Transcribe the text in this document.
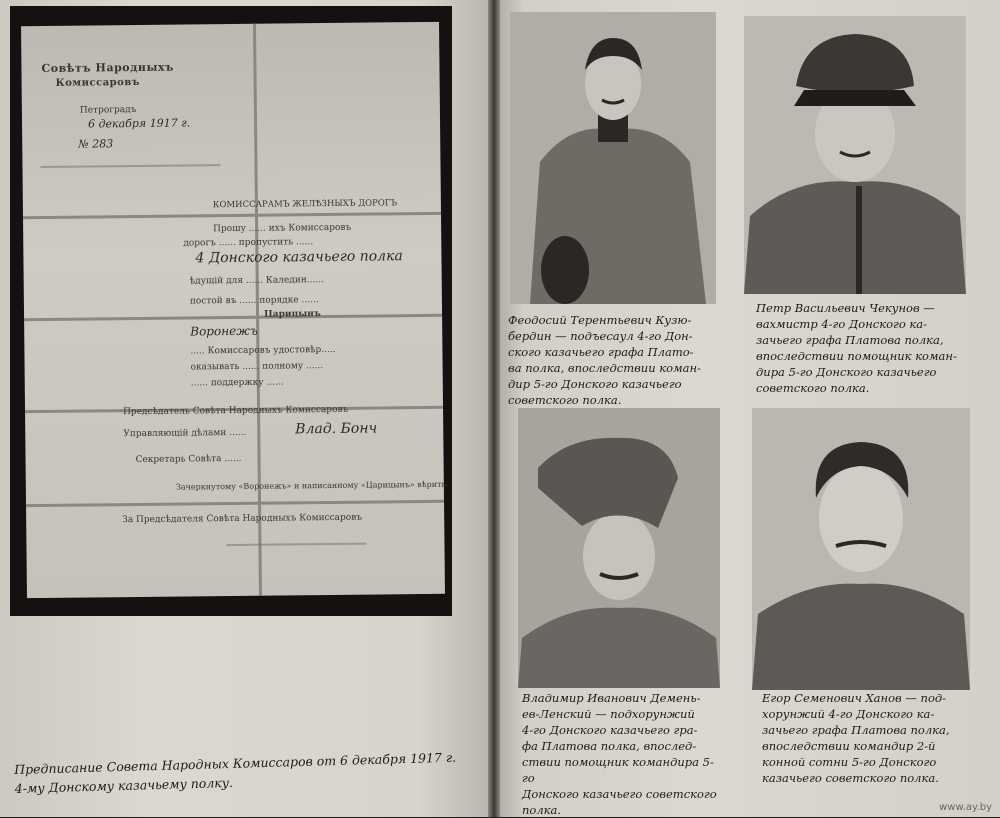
Совѣтъ Народныхъ
Комиссаровъ
Петроградъ
6 декабря 1917 г.
№ 283
КОМИССАРАМЪ ЖЕЛѢЗНЫХЪ ДОРОГЪ
Прошу ...... ихъ Комиссаровъ
дорогъ ...... пропустить ......
4 Донского казачьего полка
ѣдущій для ...... Каледин......
постой въ ...... порядке ......
Царицынъ
Воронежъ
..... Комиссаровъ удостовѣр.....
оказывать ...... полному ......
...... поддержку ......
Предсѣдатель Совѣта Народныхъ Комиссаровъ
Управляющій дѣлами ......	Влад. Бонч
Секретарь Совѣта ......
Зачеркнутому «Воронежъ» и написанному «Царицынъ» вѣрить.
За Предсѣдателя Совѣта Народныхъ Комиссаровъ
Предписание Совета Народных Комиссаров от 6 декабря 1917 г. 4-му Донскому казачьему полку.
Феодосий Терентьевич Кузю-
бердин — подъесаул 4-го Дон-
ского казачьего графа Плато-
ва полка, впоследствии коман-
дир 5-го Донского казачьего
советского полка.
Петр Васильевич Чекунов —
вахмистр 4-го Донского ка-
зачьего графа Платова полка,
впоследствии помощник коман-
дира 5-го Донского казачьего
советского полка.
Владимир Иванович Демень-
ев-Ленский — подхорунжий
4-го Донского казачьего гра-
фа Платова полка, впослед-
ствии помощник командира 5-го
Донского казачьего советского
полка.
Егор Семенович Ханов — под-
хорунжий 4-го Донского ка-
зачьего графа Платова полка,
впоследствии командир 2-й
конной сотни 5-го Донского
казачьего советского полка.
www.ay.by
